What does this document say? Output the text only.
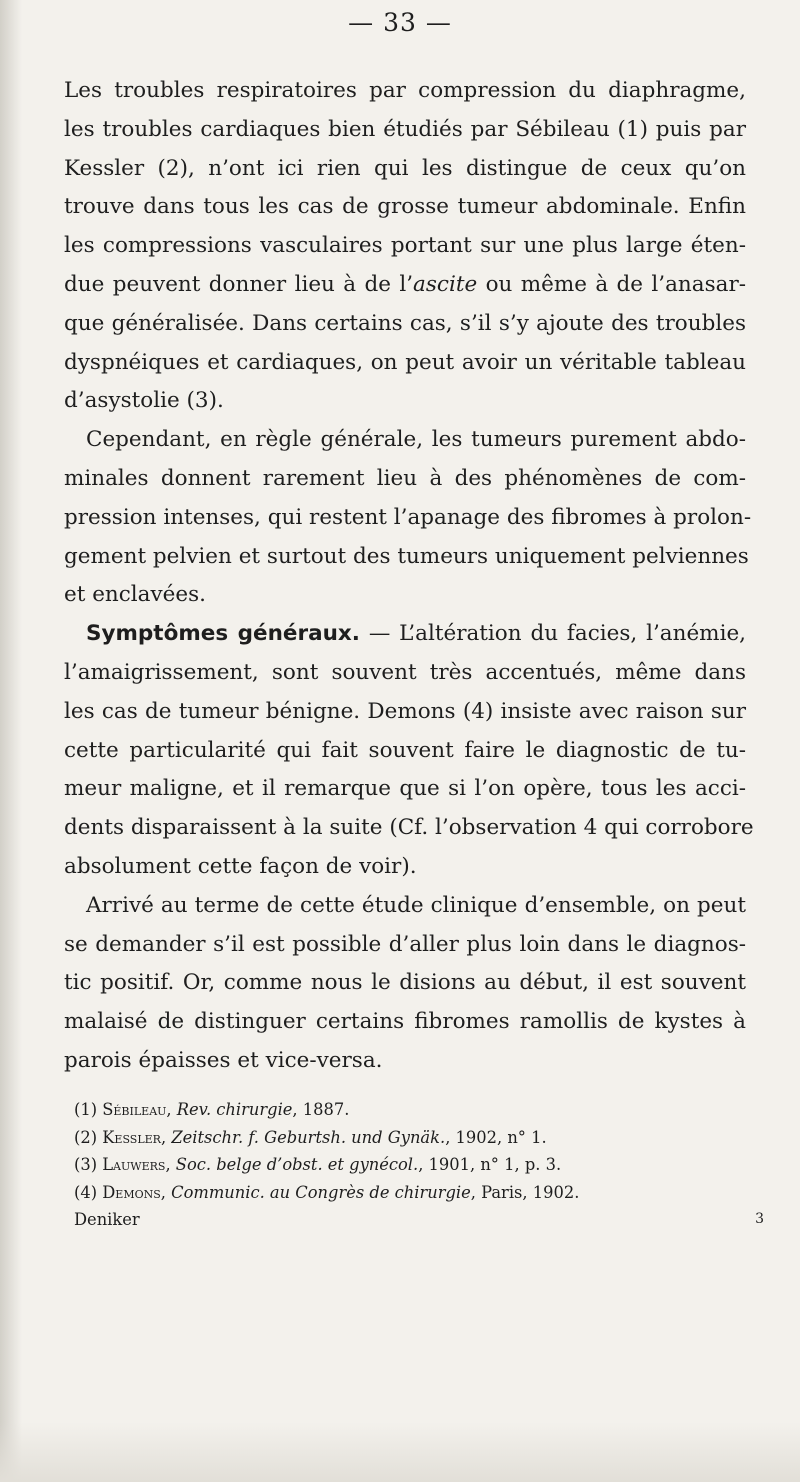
— 33 —
Les troubles respiratoires par compression du diaphragme,
les troubles cardiaques bien étudiés par Sébileau (1) puis par
Kessler (2), n’ont ici rien qui les distingue de ceux qu’on
trouve dans tous les cas de grosse tumeur abdominale. Enfin
les compressions vasculaires portant sur une plus large éten-
due peuvent donner lieu à de l’ascite ou même à de l’anasar-
que généralisée. Dans certains cas, s’il s’y ajoute des troubles
dyspnéiques et cardiaques, on peut avoir un véritable tableau
d’asystolie (3).
Cependant, en règle générale, les tumeurs purement abdo-
minales donnent rarement lieu à des phénomènes de com-
pression intenses, qui restent l’apanage des fibromes à prolon-
gement pelvien et surtout des tumeurs uniquement pelviennes
et enclavées.
Symptômes généraux. — L’altération du facies, l’anémie,
l’amaigrissement, sont souvent très accentués, même dans
les cas de tumeur bénigne. Demons (4) insiste avec raison sur
cette particularité qui fait souvent faire le diagnostic de tu-
meur maligne, et il remarque que si l’on opère, tous les acci-
dents disparaissent à la suite (Cf. l’observation 4 qui corrobore
absolument cette façon de voir).
Arrivé au terme de cette étude clinique d’ensemble, on peut
se demander s’il est possible d’aller plus loin dans le diagnos-
tic positif. Or, comme nous le disions au début, il est souvent
malaisé de distinguer certains fibromes ramollis de kystes à
parois épaisses et vice-versa.
(1) Sébileau, Rev. chirurgie, 1887.
(2) Kessler, Zeitschr. f. Geburtsh. und Gynäk., 1902, n° 1.
(3) Lauwers, Soc. belge d’obst. et gynécol., 1901, n° 1, p. 3.
(4) Demons, Communic. au Congrès de chirurgie, Paris, 1902.
Deniker	3
